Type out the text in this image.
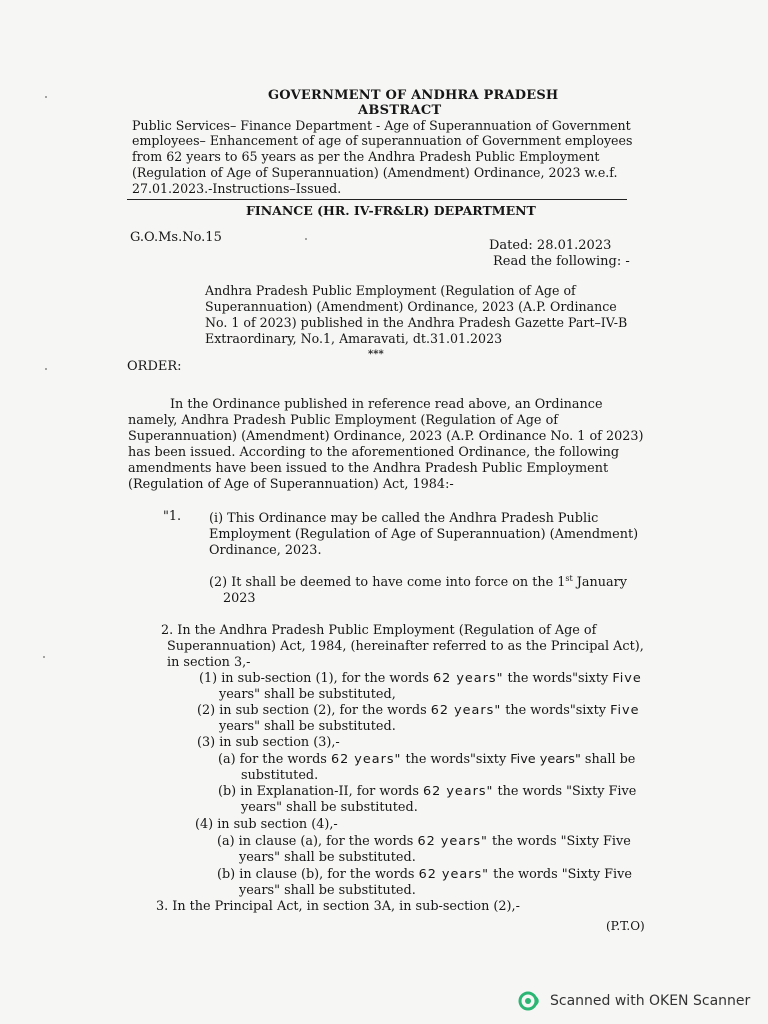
GOVERNMENT OF ANDHRA PRADESH
ABSTRACT
Public Services– Finance Department - Age of Superannuation of Government
employees– Enhancement of age of superannuation of Government employees
from 62 years to 65 years as per the Andhra Pradesh Public Employment
(Regulation of Age of Superannuation) (Amendment) Ordinance, 2023 w.e.f.
27.01.2023.-Instructions–Issued.
FINANCE (HR. IV-FR&LR) DEPARTMENT
G.O.Ms.No.15
Dated: 28.01.2023
Read the following: -
Andhra Pradesh Public Employment (Regulation of Age of
Superannuation) (Amendment) Ordinance, 2023 (A.P. Ordinance
No. 1 of 2023) published in the Andhra Pradesh Gazette Part–IV-B
Extraordinary, No.1, Amaravati, dt.31.01.2023
***
ORDER:
In the Ordinance published in reference read above, an Ordinance
namely, Andhra Pradesh Public Employment (Regulation of Age of
Superannuation) (Amendment) Ordinance, 2023 (A.P. Ordinance No. 1 of 2023)
has been issued. According to the aforementioned Ordinance, the following
amendments have been issued to the Andhra Pradesh Public Employment
(Regulation of Age of Superannuation) Act, 1984:-
"1. (i) This Ordinance may be called the Andhra Pradesh Public
Employment (Regulation of Age of Superannuation) (Amendment)
Ordinance, 2023.
(2) It shall be deemed to have come into force on the 1st January
2023
2. In the Andhra Pradesh Public Employment (Regulation of Age of
Superannuation) Act, 1984, (hereinafter referred to as the Principal Act),
in section 3,-
(1) in sub-section (1), for the words 62 years" the words"sixty Five
years" shall be substituted,
(2) in sub section (2), for the words 62 years" the words"sixty Five
years" shall be substituted.
(3) in sub section (3),-
(a) for the words 62 years" the words"sixty Five years" shall be
substituted.
(b) in Explanation-II, for words 62 years" the words "Sixty Five
years" shall be substituted.
(4) in sub section (4),-
(a) in clause (a), for the words 62 years" the words "Sixty Five
years" shall be substituted.
(b) in clause (b), for the words 62 years" the words "Sixty Five
years" shall be substituted.
3. In the Principal Act, in section 3A, in sub-section (2),-
(P.T.O)
Scanned with OKEN Scanner
